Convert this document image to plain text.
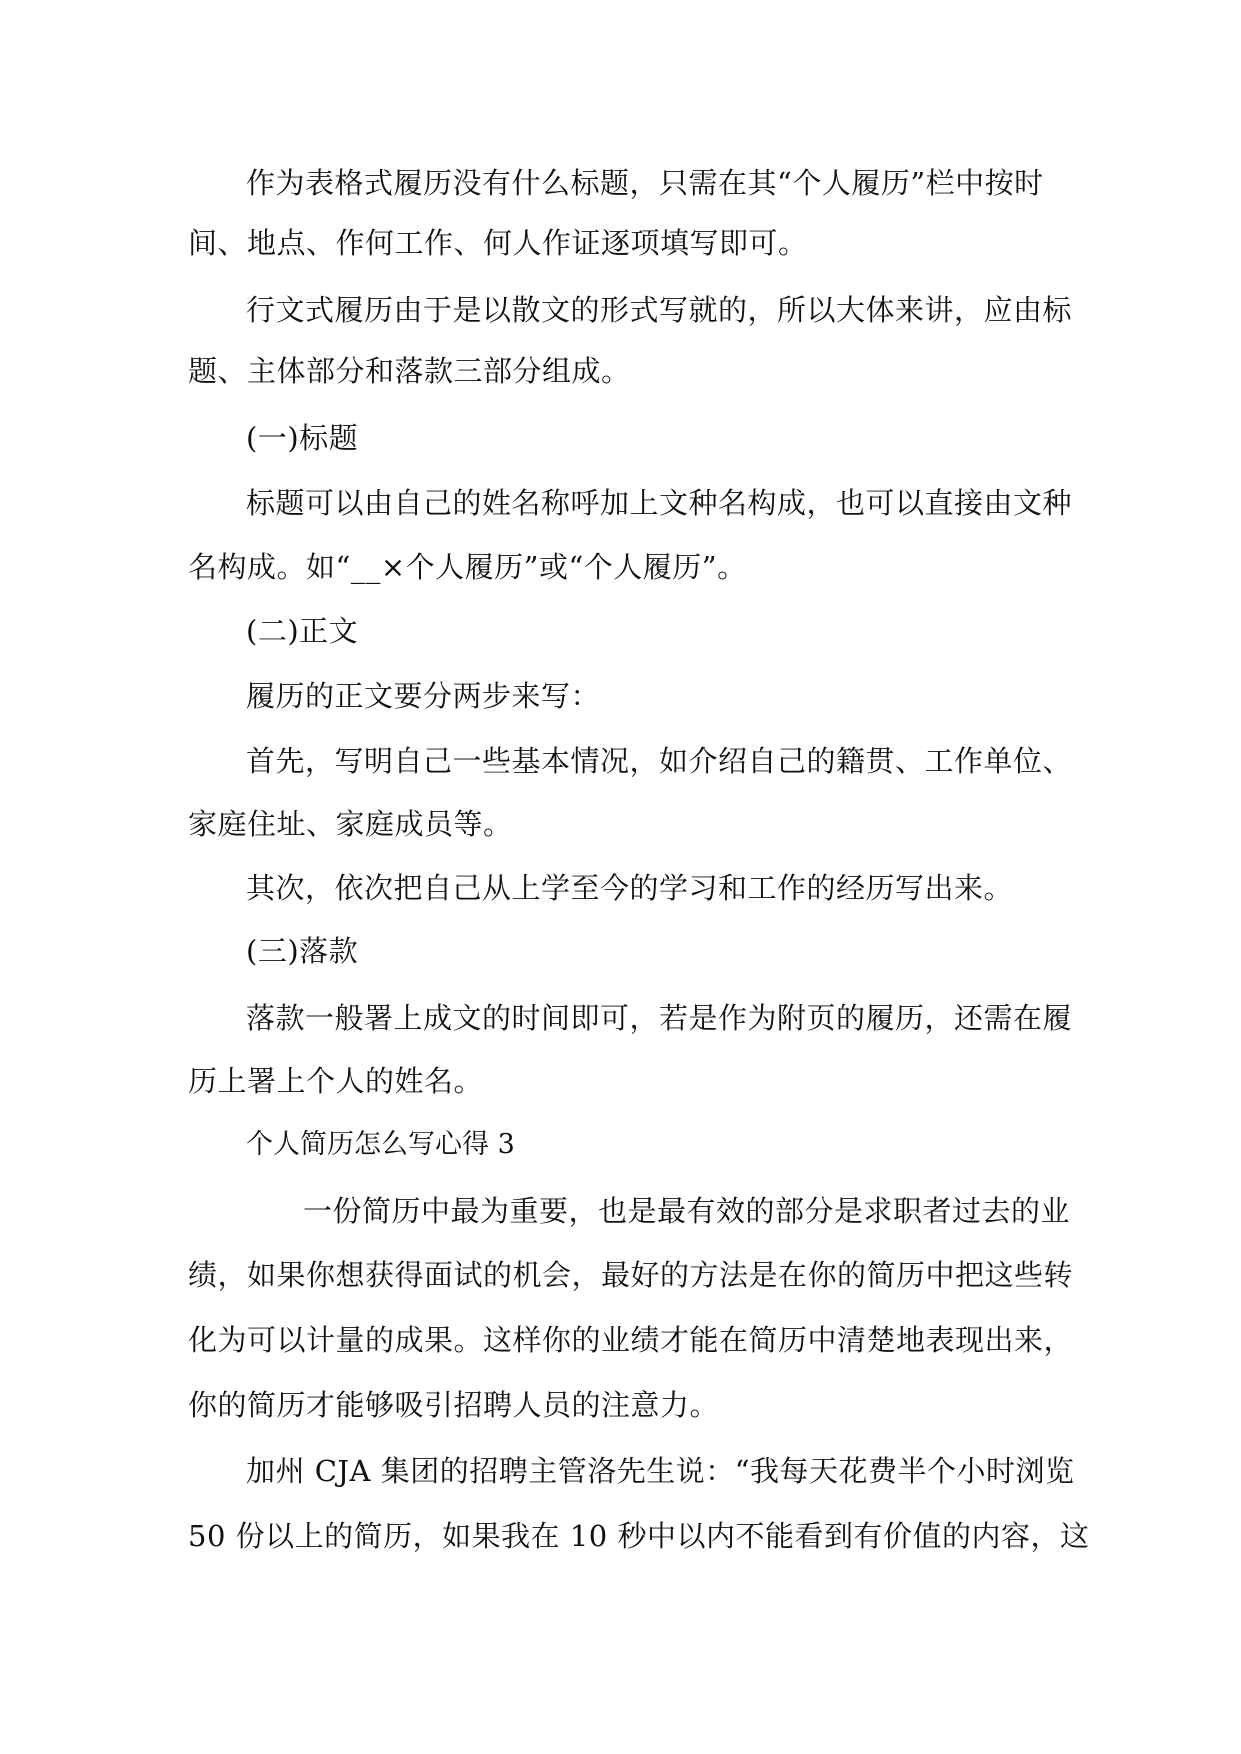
作为表格式履历没有什么标题，只需在其“个人履历”栏中按时
间、地点、作何工作、何人作证逐项填写即可。
行文式履历由于是以散文的形式写就的，所以大体来讲，应由标
题、主体部分和落款三部分组成。
(一)标题
标题可以由自己的姓名称呼加上文种名构成，也可以直接由文种
名构成。如“__×个人履历”或“个人履历”。
(二)正文
履历的正文要分两步来写：
首先，写明自己一些基本情况，如介绍自己的籍贯、工作单位、
家庭住址、家庭成员等。
其次，依次把自己从上学至今的学习和工作的经历写出来。
(三)落款
落款一般署上成文的时间即可，若是作为附页的履历，还需在履
历上署上个人的姓名。
个人简历怎么写心得 3
一份简历中最为重要，也是最有效的部分是求职者过去的业
绩，如果你想获得面试的机会，最好的方法是在你的简历中把这些转
化为可以计量的成果。这样你的业绩才能在简历中清楚地表现出来，
你的简历才能够吸引招聘人员的注意力。
加州 CJA 集团的招聘主管洛先生说：“我每天花费半个小时浏览
50 份以上的简历，如果我在 10 秒中以内不能看到有价值的内容，这
